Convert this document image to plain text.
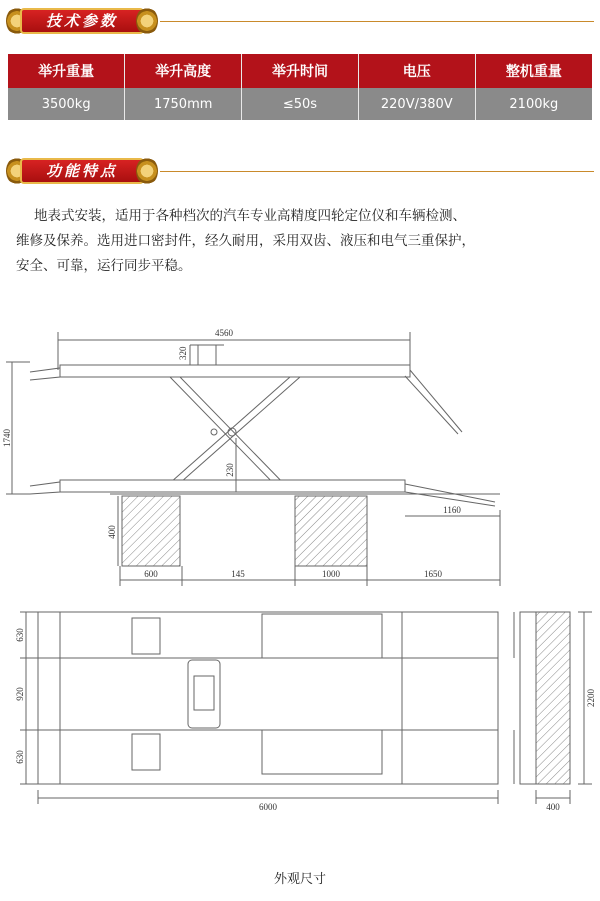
技术参数
举升重量	举升高度	举升时间	电压	整机重量
3500kg	1750mm	≤50s	220V/380V	2100kg
功能特点

地表式安装，适用于各种档次的汽车专业高精度四轮定位仪和车辆检测、

维修及保养。选用进口密封件，经久耐用，采用双齿、液压和电气三重保护，

安全、可靠，运行同步平稳。

4560
320
1740
230
400
1160
600	145	1000	1650
630
920
630
6000
2200
400
外观尺寸
